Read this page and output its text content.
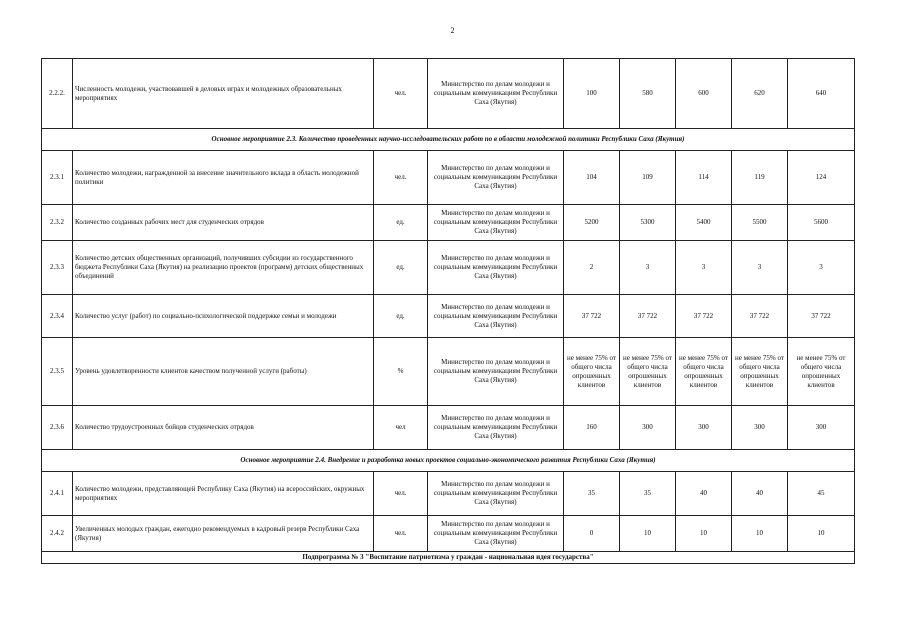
2
2.2.2.	Численность молодежи, участвовавшей в деловых играх и молодежных образовательных мероприятиях	чел.	Министерство по делам молодежи и социальным коммуникациям Республики Саха (Якутия)	100	580	600	620	640
Основное мероприятие 2.3. Количество проведенных научно-исследовательских работ по в области молодежной политики Республики Саха (Якутия)								
2.3.1	Количество молодежи, награжденной за внесение значительного вклада в область молодежной политики	чел.	Министерство по делам молодежи и социальным коммуникациям Республики Саха (Якутия)	104	109	114	119	124
2.3.2	Количество созданных рабочих мест для студенческих отрядов	ед.	Министерство по делам молодежи и социальным коммуникациям Республики Саха (Якутия)	5200	5300	5400	5500	5600
2.3.3	Количество детских общественных организаций, получивших субсидии из государственного бюджета Республики Саха (Якутия) на реализацию проектов (программ) детских общественных объединений	ед.	Министерство по делам молодежи и социальным коммуникациям Республики Саха (Якутия)	2	3	3	3	3
2.3.4	Количество услуг (работ) по социально-психологической поддержке семьи и молодежи	ед.	Министерство по делам молодежи и социальным коммуникациям Республики Саха (Якутия)	37 722	37 722	37 722	37 722	37 722
2.3.5	Уровень удовлетворенности клиентов качеством полученной услуги (работы)	%	Министерство по делам молодежи и социальным коммуникациям Республики Саха (Якутия)	не менее 75% от общего числа опрошенных клиентов	не менее 75% от общего числа опрошенных клиентов	не менее 75% от общего числа опрошенных клиентов	не менее 75% от общего числа опрошенных клиентов	не менее 75% от общего числа опрошенных клиентов
2.3.6	Количество трудоустроенных бойцов студенческих отрядов	чел	Министерство по делам молодежи и социальным коммуникациям Республики Саха (Якутия)	160	300	300	300	300
Основное мероприятие 2.4. Внедрение и разработка новых проектов социально-экономического развития Республики Саха (Якутия)								
2.4.1	Количество молодежи, представляющей Республику Саха (Якутия) на всероссийских, окружных мероприятиях	чел.	Министерство по делам молодежи и социальным коммуникациям Республики Саха (Якутия)	35	35	40	40	45
2.4.2	Увеличенных молодых граждан, ежегодно рекомендуемых в кадровый резерв Республики Саха (Якутия)	чел.	Министерство по делам молодежи и социальным коммуникациям Республики Саха (Якутия)	0	10	10	10	10
Подпрограмма № 3 "Воспитание патриотизма у граждан - национальная идея государства"								
